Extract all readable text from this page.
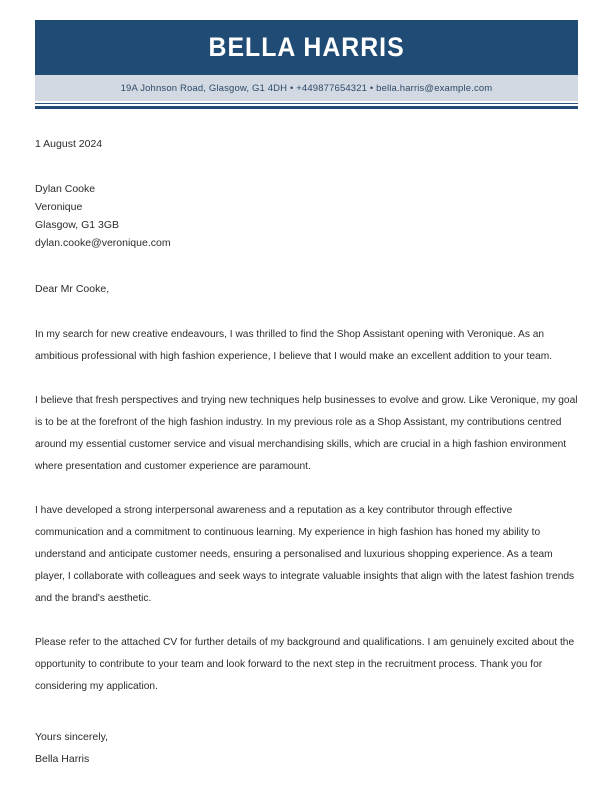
BELLA HARRIS
19A Johnson Road, Glasgow, G1 4DH • +449877654321 • bella.harris@example.com
1 August 2024
Dylan Cooke
Veronique
Glasgow, G1 3GB
dylan.cooke@veronique.com
Dear Mr Cooke,
In my search for new creative endeavours, I was thrilled to find the Shop Assistant opening with Veronique. As an ambitious professional with high fashion experience, I believe that I would make an excellent addition to your team.
I believe that fresh perspectives and trying new techniques help businesses to evolve and grow. Like Veronique, my goal is to be at the forefront of the high fashion industry. In my previous role as a Shop Assistant, my contributions centred around my essential customer service and visual merchandising skills, which are crucial in a high fashion environment where presentation and customer experience are paramount.
I have developed a strong interpersonal awareness and a reputation as a key contributor through effective communication and a commitment to continuous learning. My experience in high fashion has honed my ability to understand and anticipate customer needs, ensuring a personalised and luxurious shopping experience. As a team player, I collaborate with colleagues and seek ways to integrate valuable insights that align with the latest fashion trends and the brand's aesthetic.
Please refer to the attached CV for further details of my background and qualifications. I am genuinely excited about the opportunity to contribute to your team and look forward to the next step in the recruitment process. Thank you for considering my application.
Yours sincerely,
Bella Harris
